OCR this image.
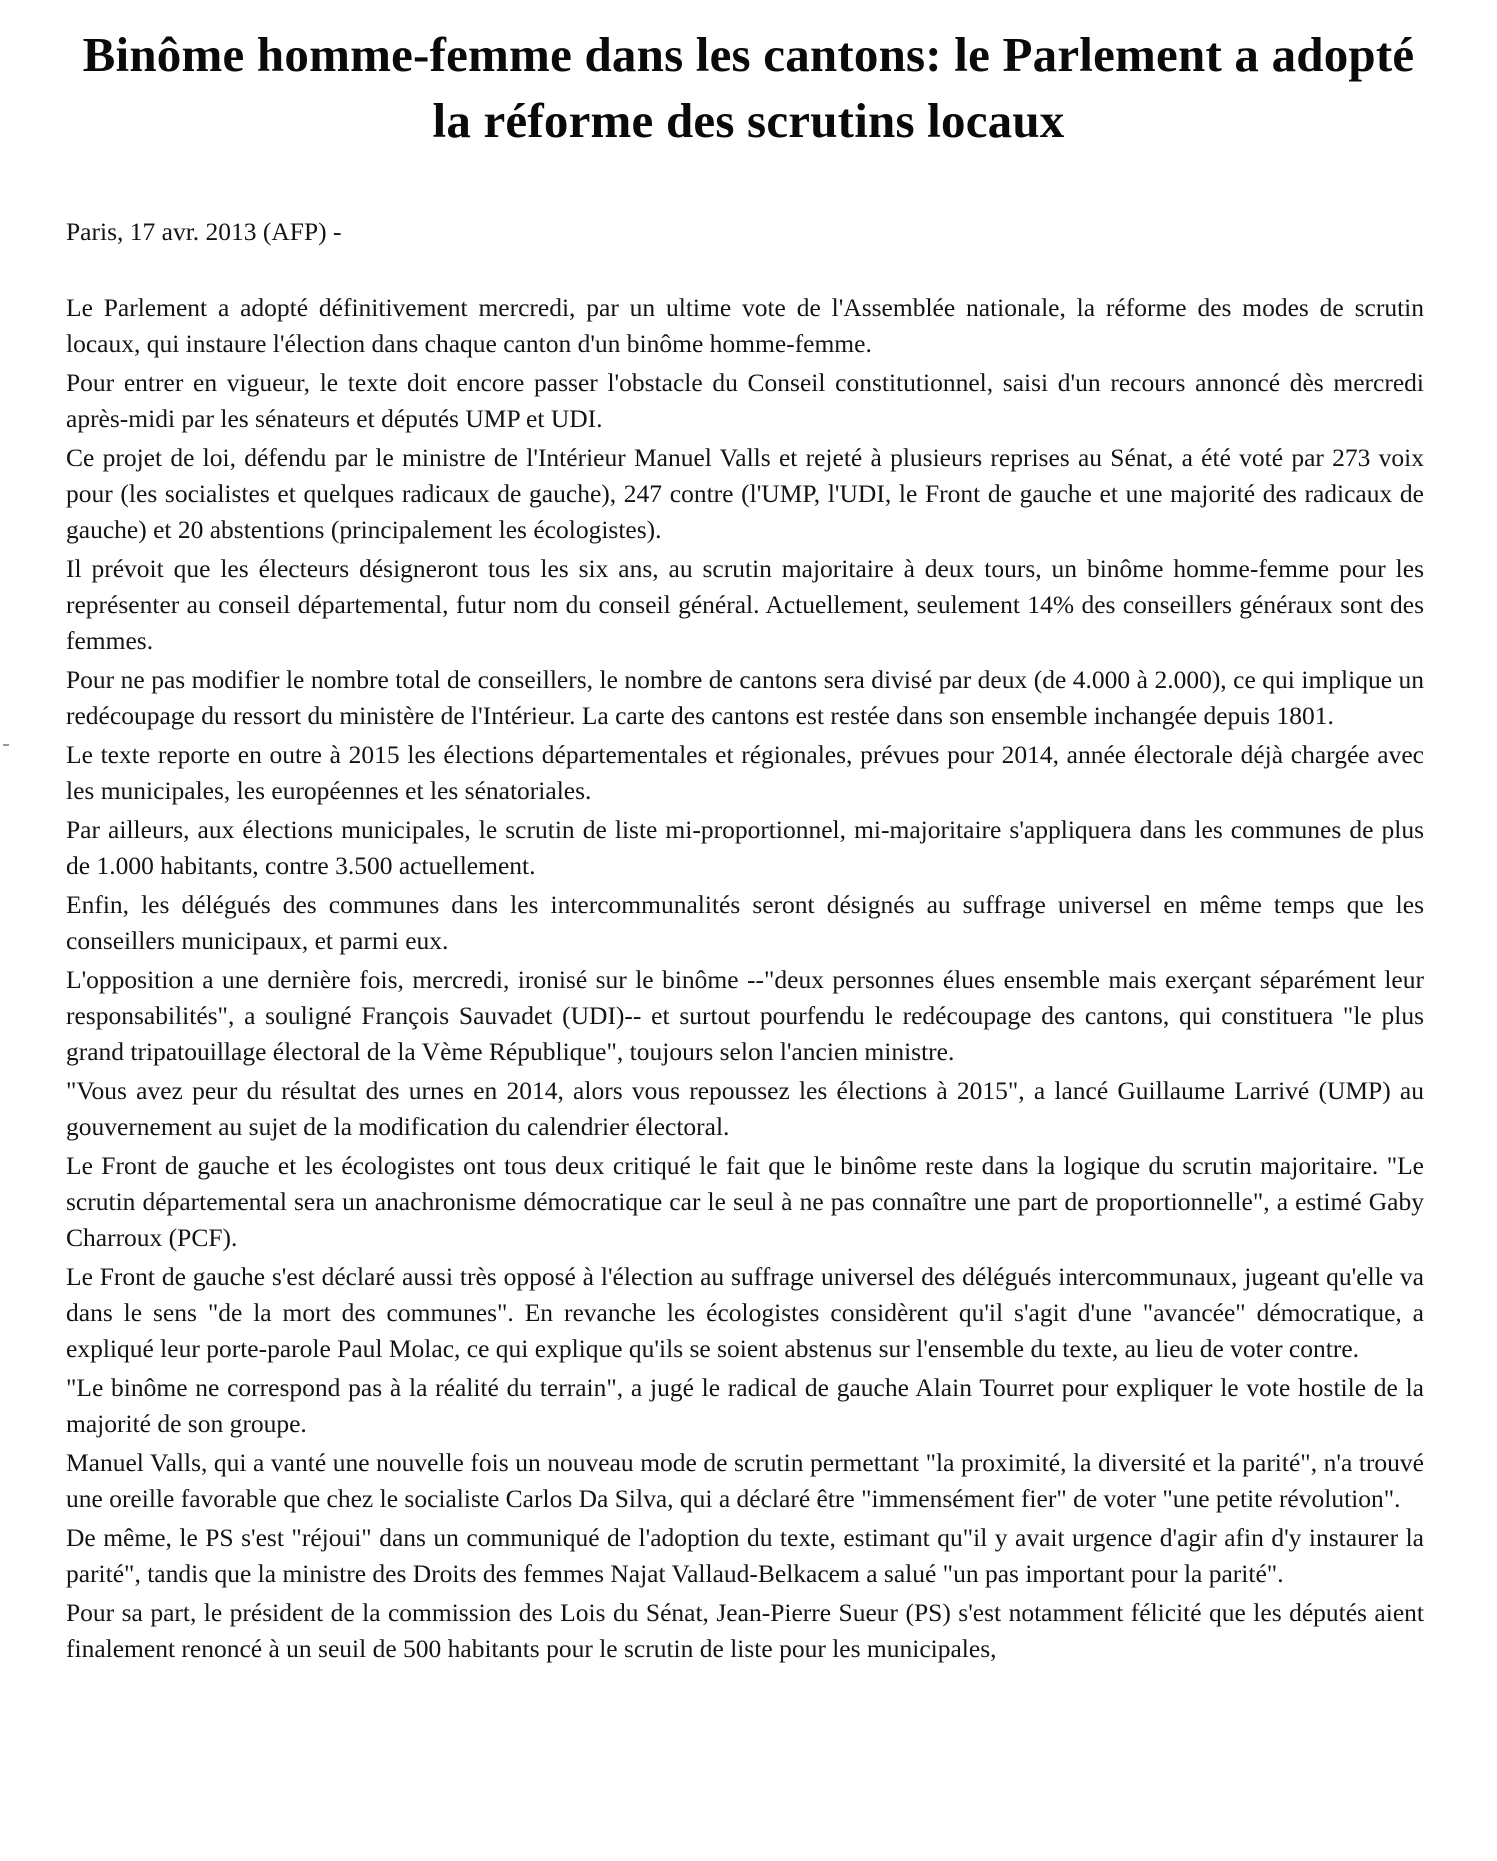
Binôme homme-femme dans les cantons: le Parlement a adopté la réforme des scrutins locaux

Paris, 17 avr. 2013 (AFP) -

Le Parlement a adopté définitivement mercredi, par un ultime vote de l'Assemblée nationale, la réforme des modes de scrutin locaux, qui instaure l'élection dans chaque canton d'un binôme homme-femme.

Pour entrer en vigueur, le texte doit encore passer l'obstacle du Conseil constitutionnel, saisi d'un recours annoncé dès mercredi après-midi par les sénateurs et députés UMP et UDI.

Ce projet de loi, défendu par le ministre de l'Intérieur Manuel Valls et rejeté à plusieurs reprises au Sénat, a été voté par 273 voix pour (les socialistes et quelques radicaux de gauche), 247 contre (l'UMP, l'UDI, le Front de gauche et une majorité des radicaux de gauche) et 20 abstentions (principalement les écologistes).

Il prévoit que les électeurs désigneront tous les six ans, au scrutin majoritaire à deux tours, un binôme homme-femme pour les représenter au conseil départemental, futur nom du conseil général. Actuellement, seulement 14% des conseillers généraux sont des femmes.

Pour ne pas modifier le nombre total de conseillers, le nombre de cantons sera divisé par deux (de 4.000 à 2.000), ce qui implique un redécoupage du ressort du ministère de l'Intérieur. La carte des cantons est restée dans son ensemble inchangée depuis 1801.

Le texte reporte en outre à 2015 les élections départementales et régionales, prévues pour 2014, année électorale déjà chargée avec les municipales, les européennes et les sénatoriales.

Par ailleurs, aux élections municipales, le scrutin de liste mi-proportionnel, mi-majoritaire s'appliquera dans les communes de plus de 1.000 habitants, contre 3.500 actuellement.

Enfin, les délégués des communes dans les intercommunalités seront désignés au suffrage universel en même temps que les conseillers municipaux, et parmi eux.

L'opposition a une dernière fois, mercredi, ironisé sur le binôme --"deux personnes élues ensemble mais exerçant séparément leur responsabilités", a souligné François Sauvadet (UDI)-- et surtout pourfendu le redécoupage des cantons, qui constituera "le plus grand tripatouillage électoral de la Vème République", toujours selon l'ancien ministre.

"Vous avez peur du résultat des urnes en 2014, alors vous repoussez les élections à 2015", a lancé Guillaume Larrivé (UMP) au gouvernement au sujet de la modification du calendrier électoral.

Le Front de gauche et les écologistes ont tous deux critiqué le fait que le binôme reste dans la logique du scrutin majoritaire. "Le scrutin départemental sera un anachronisme démocratique car le seul à ne pas connaître une part de proportionnelle", a estimé Gaby Charroux (PCF).

Le Front de gauche s'est déclaré aussi très opposé à l'élection au suffrage universel des délégués intercommunaux, jugeant qu'elle va dans le sens "de la mort des communes". En revanche les écologistes considèrent qu'il s'agit d'une "avancée" démocratique, a expliqué leur porte-parole Paul Molac, ce qui explique qu'ils se soient abstenus sur l'ensemble du texte, au lieu de voter contre.

"Le binôme ne correspond pas à la réalité du terrain", a jugé le radical de gauche Alain Tourret pour expliquer le vote hostile de la majorité de son groupe.

Manuel Valls, qui a vanté une nouvelle fois un nouveau mode de scrutin permettant "la proximité, la diversité et la parité", n'a trouvé une oreille favorable que chez le socialiste Carlos Da Silva, qui a déclaré être "immensément fier" de voter "une petite révolution".

De même, le PS s'est "réjoui" dans un communiqué de l'adoption du texte, estimant qu"il y avait urgence d'agir afin d'y instaurer la parité", tandis que la ministre des Droits des femmes Najat Vallaud-Belkacem a salué "un pas important pour la parité".

Pour sa part, le président de la commission des Lois du Sénat, Jean-Pierre Sueur (PS) s'est notamment félicité que les députés aient finalement renoncé à un seuil de 500 habitants pour le scrutin de liste pour les municipales,
